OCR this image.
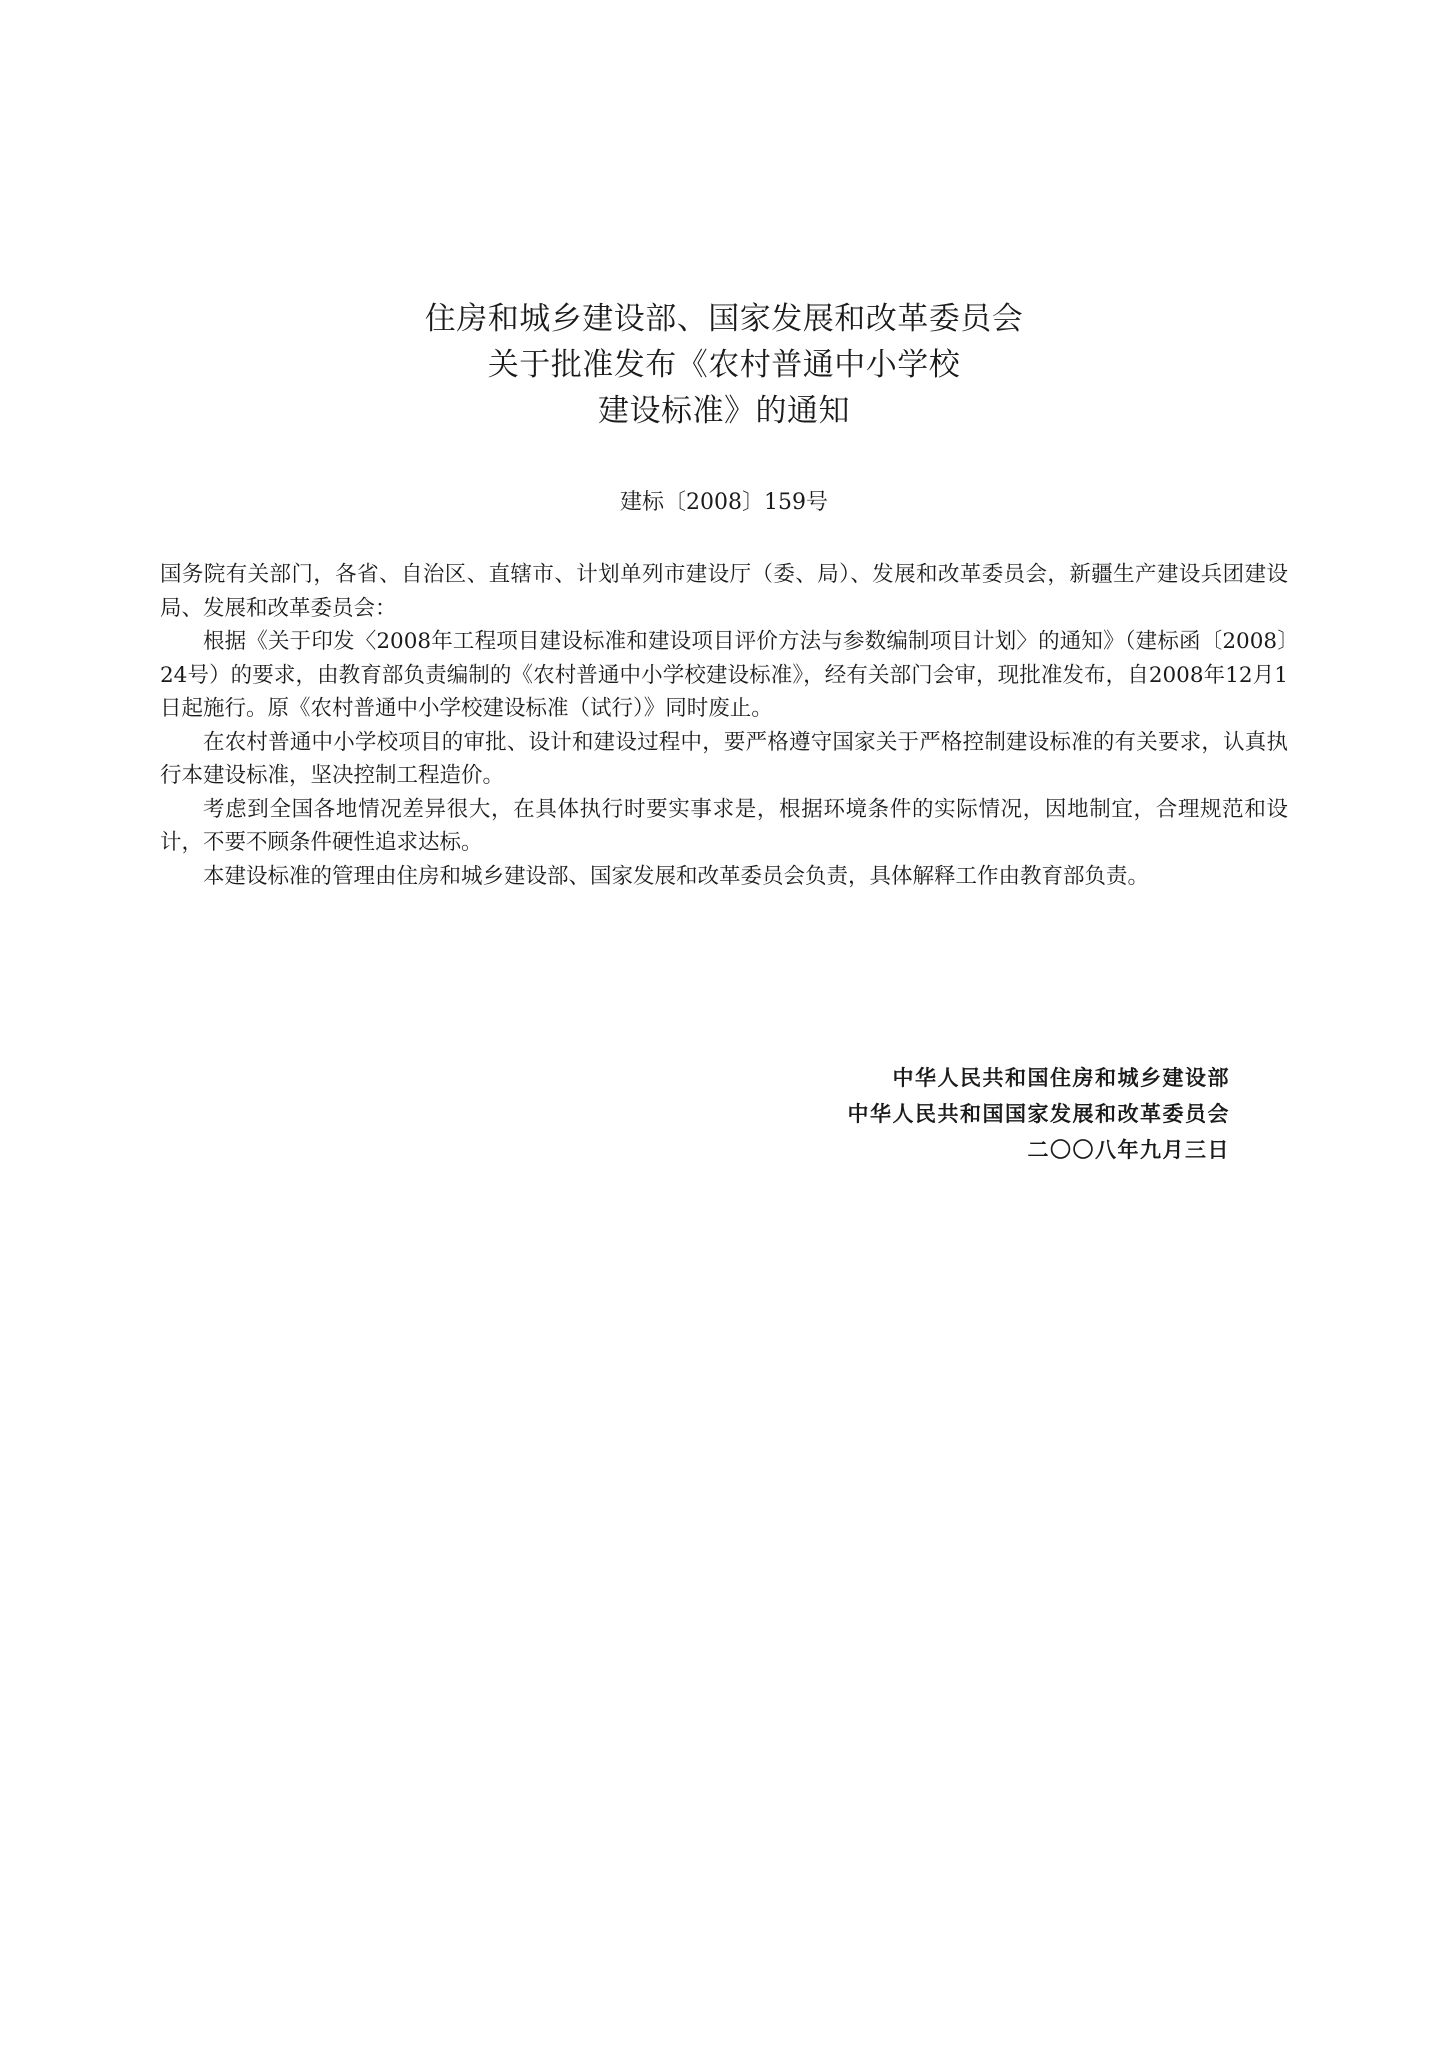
住房和城乡建设部、国家发展和改革委员会
关于批准发布《农村普通中小学校
建设标准》的通知
建标〔2008〕159号

国务院有关部门，各省、自治区、直辖市、计划单列市建设厅（委、局）、发展和改革委员会，新疆生产建设兵团建设局、发展和改革委员会：

根据《关于印发〈2008年工程项目建设标准和建设项目评价方法与参数编制项目计划〉的通知》（建标函〔2008〕24号）的要求，由教育部负责编制的《农村普通中小学校建设标准》，经有关部门会审，现批准发布，自2008年12月1日起施行。原《农村普通中小学校建设标准（试行）》同时废止。

在农村普通中小学校项目的审批、设计和建设过程中，要严格遵守国家关于严格控制建设标准的有关要求，认真执行本建设标准，坚决控制工程造价。

考虑到全国各地情况差异很大，在具体执行时要实事求是，根据环境条件的实际情况，因地制宜，合理规范和设计，不要不顾条件硬性追求达标。

本建设标准的管理由住房和城乡建设部、国家发展和改革委员会负责，具体解释工作由教育部负责。

中华人民共和国住房和城乡建设部
中华人民共和国国家发展和改革委员会
二〇〇八年九月三日
